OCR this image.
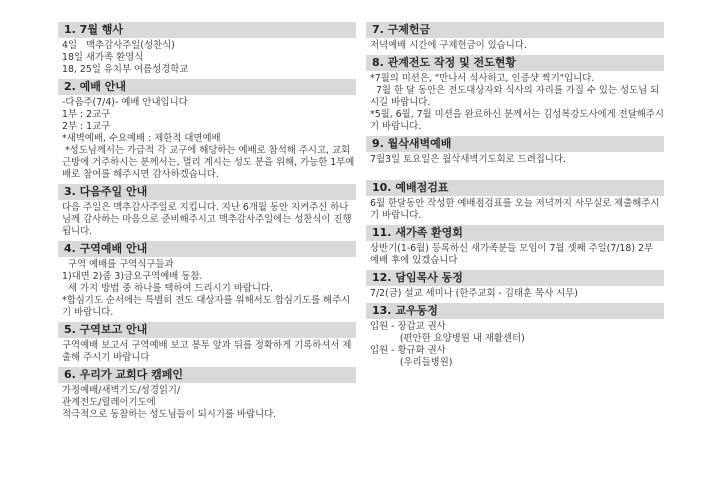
1. 7월 행사

4일   맥추감사주일(성찬식)

18일 새가족 환영식

18, 25일 유치부 여름성경학교

2. 예배 안내

-다음주(7/4)- 예배 안내입니다

1부 : 2교구

2부 : 1교구

*새벽예배, 수요예배 : 제한적 대면예배

*성도님께서는 가급적 각 교구에 해당하는 예배로 참석해 주시고, 교회 근방에 거주하시는 분께서는, 멀리 계시는 성도 분을 위해, 가능한 1부예배로 참여를 해주시면 감사하겠습니다.

3. 다음주일 안내

다음 주일은 맥추감사주일로 지킵니다. 지난 6개월 동안 지켜주신 하나님께 감사하는 마음으로 준비해주시고 맥추감사주일에는 성찬식이 진행됩니다.

4. 구역예배 안내

구역 예배를 구역식구들과

1)대면 2)줌 3)금요구역예배 동참.

세 가지 방법 중 하나를 택하여 드리시기 바랍니다.

*합심기도 순서에는 특별히 전도 대상자를 위해서도 합심기도를 해주시기 바랍니다.

5. 구역보고 안내

구역예배 보고서 구역예배 보고 봉투 앞과 뒤를 정확하게 기록하셔서 제출해 주시기 바랍니다

6. 우리가 교회다 캠페인

가정예배/새벽기도/성경읽기/

관계전도/릴레이기도에

적극적으로 동참하는 성도님들이 되시기를 바랍니다.

7. 구제헌금

저녁예배 시간에 구제헌금이 있습니다.

8. 관계전도 작정 및 전도현황

*7월의 미션은, "만나서 식사하고, 인증샷 찍기"입니다.

7월 한 달 동안은 전도대상자와 식사의 자리를 가질 수 있는 성도님 되시길 바랍니다.

*5월, 6월, 7월 미션을 완료하신 분께서는 김성복강도사에게 전달해주시기 바랍니다.

9. 월삭새벽예배

7월3일 토요일은 월삭새벽기도회로 드려집니다.

10. 예배점검표

6월 한달동안 작성한 예배점검표를 오늘 저녁까지 사무실로 제출해주시기 바랍니다.

11. 새가족 환영회

상반기(1-6월) 등록하신 새가족분들 모임이 7월 셋째 주일(7/18) 2부 예배 후에 있겠습니다

12. 담임목사 동정

7/2(금) 설교 세미나 (한주교회 - 김태훈 목사 시무)

13. 교우동정

입원 - 장갑교 권사

(편안한 요양병원 내 재활센터)

입원 - 황규화 권사

(우리들병원)
